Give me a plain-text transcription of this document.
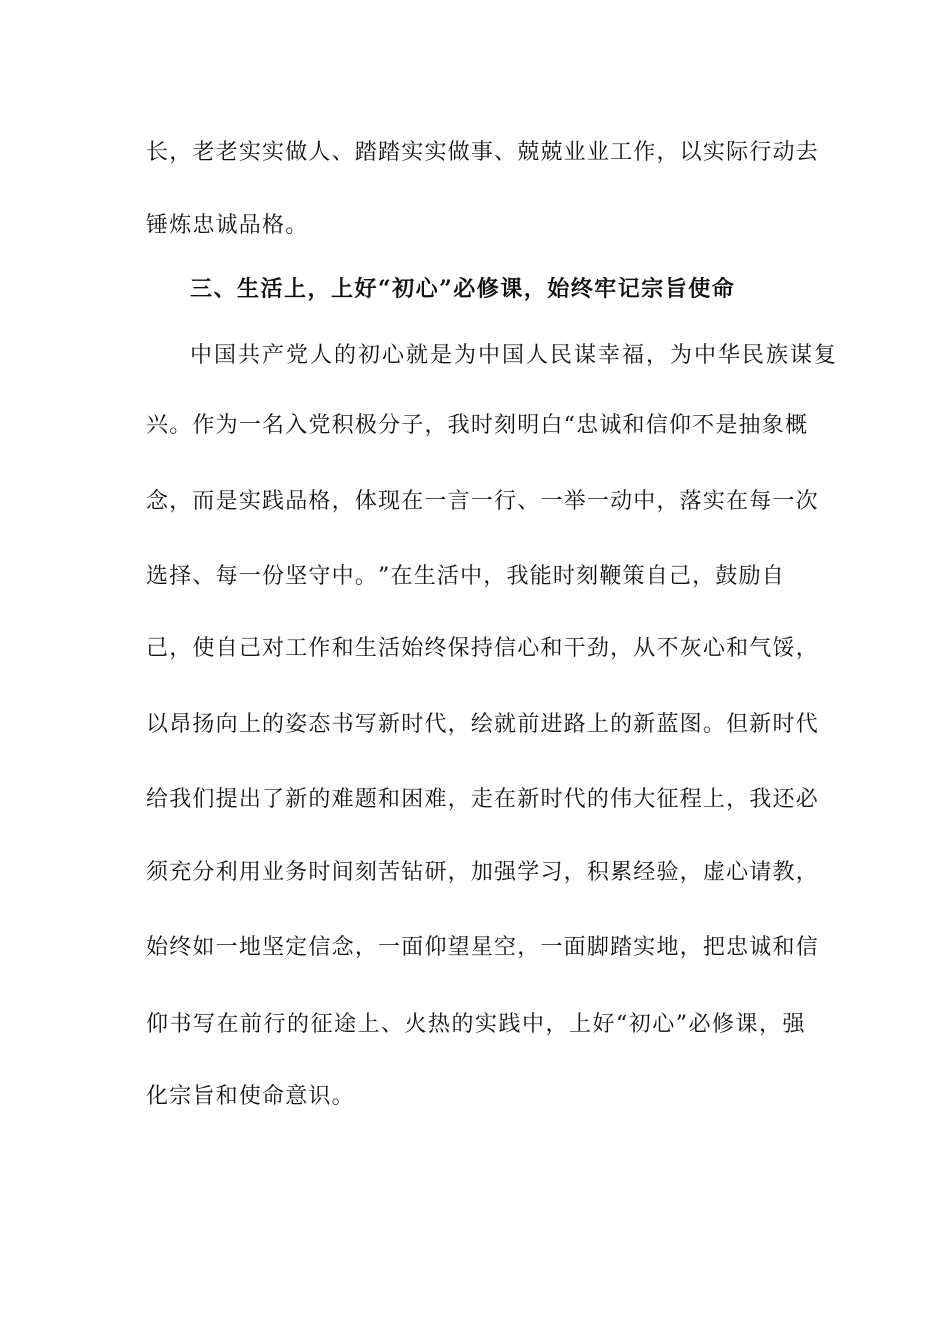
长 ， 老 老 实 实 做 人 、 踏 踏 实 实 做 事 、 兢 兢 业 业 工 作 ， 以 实 际 行 动 去
锤炼忠诚品格。
三、生活上，上好“初心”必修课，始终牢记宗旨使命
中国共产党人的初心就是为中国人民谋幸福，为中华民族谋复
兴 。 作 为 一 名 入 党 积 极 分 子 ， 我 时 刻 明 白 “ 忠 诚 和 信 仰 不 是 抽 象 概
念 ， 而 是 实 践 品 格 ， 体 现 在 一 言 一 行 、 一 举 一 动 中 ， 落 实 在 每 一 次
选 择 、 每 一 份 坚 守 中 。 ” 在 生 活 中 ， 我 能 时 刻 鞭 策 自 己 ， 鼓 励 自
己 ， 使 自 己 对 工 作 和 生 活 始 终 保 持 信 心 和 干 劲 ， 从 不 灰 心 和 气 馁 ，
以 昂 扬 向 上 的 姿 态 书 写 新 时 代 ， 绘 就 前 进 路 上 的 新 蓝 图 。 但 新 时 代
给 我 们 提 出 了 新 的 难 题 和 困 难 ， 走 在 新 时 代 的 伟 大 征 程 上 ， 我 还 必
须 充 分 利 用 业 务 时 间 刻 苦 钻 研 ， 加 强 学 习 ， 积 累 经 验 ， 虚 心 请 教 ，
始 终 如 一 地 坚 定 信 念 ， 一 面 仰 望 星 空 ， 一 面 脚 踏 实 地 ， 把 忠 诚 和 信
仰 书 写 在 前 行 的 征 途 上 、 火 热 的 实 践 中 ， 上 好 “ 初 心 ” 必 修 课 ， 强
化宗旨和使命意识。
